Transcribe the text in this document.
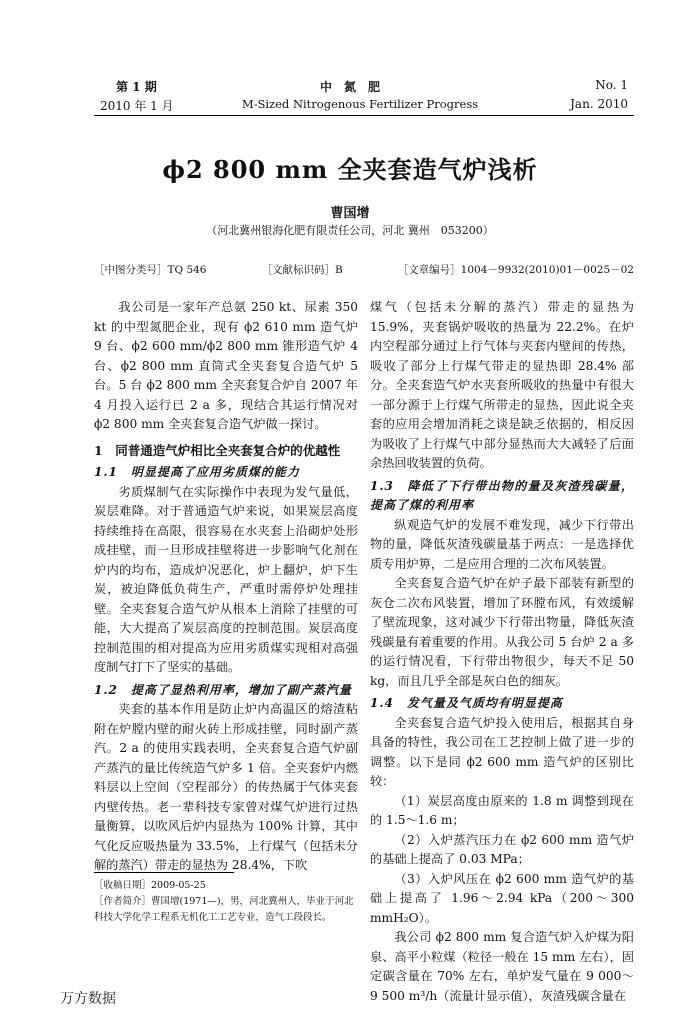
第 1 期	中　氮　肥	No. 1
2010 年 1 月	M-Sized Nitrogenous Fertilizer Progress	Jan. 2010
ϕ2 800 mm 全夹套造气炉浅析
曹国增
（河北冀州银海化肥有限责任公司，河北 冀州　053200）
［中图分类号］TQ 546	［文献标识码］B	［文章编号］1004－9932(2010)01－0025－02

我公司是一家年产总氨 250 kt、尿素 350 kt 的中型氮肥企业，现有 ϕ2 610 mm 造气炉 9 台、ϕ2 600 mm/ϕ2 800 mm 锥形造气炉 4 台、ϕ2 800 mm 直筒式全夹套复合造气炉 5 台。5 台 ϕ2 800 mm 全夹套复合炉自 2007 年 4 月投入运行已 2 a 多，现结合其运行情况对 ϕ2 800 mm 全夹套复合造气炉做一探讨。

1　同普通造气炉相比全夹套复合炉的优越性
1.1　明显提高了应用劣质煤的能力

劣质煤制气在实际操作中表现为发气量低，炭层难降。对于普通造气炉来说，如果炭层高度持续维持在高限，很容易在水夹套上沿砌炉处形成挂壁，而一旦形成挂壁将进一步影响气化剂在炉内的均布，造成炉况恶化，炉上翻炉，炉下生炭，被迫降低负荷生产，严重时需停炉处理挂壁。全夹套复合造气炉从根本上消除了挂壁的可能，大大提高了炭层高度的控制范围。炭层高度控制范围的相对提高为应用劣质煤实现相对高强度制气打下了坚实的基础。

1.2　提高了显热利用率，增加了副产蒸汽量

夹套的基本作用是防止炉内高温区的熔渣粘附在炉膛内壁的耐火砖上形成挂壁，同时副产蒸汽。2 a 的使用实践表明，全夹套复合造气炉副产蒸汽的量比传统造气炉多 1 倍。全夹套炉内燃料层以上空间（空程部分）的传热属于气体夹套内壁传热。老一辈科技专家曾对煤气炉进行过热量衡算，以吹风后炉内显热为 100% 计算，其中气化反应吸热量为 33.5%，上行煤气（包括未分解的蒸汽）带走的显热为 28.4%，下吹

煤气（包括未分解的蒸汽）带走的显热为 15.9%，夹套锅炉吸收的热量为 22.2%。在炉内空程部分通过上行气体与夹套内壁间的传热，吸收了部分上行煤气带走的显热即 28.4% 部分。全夹套造气炉水夹套所吸收的热量中有很大一部分源于上行煤气所带走的显热，因此说全夹套的应用会增加消耗之谈是缺乏依据的，相反因为吸收了上行煤气中部分显热而大大减轻了后面余热回收装置的负荷。

1.3　降低了下行带出物的量及灰渣残碳量，提高了煤的利用率

纵观造气炉的发展不难发现，减少下行带出物的量，降低灰渣残碳量基于两点：一是选择优质专用炉箅，二是应用合理的二次布风装置。

全夹套复合造气炉在炉子最下部装有新型的灰仓二次布风装置，增加了环膛布风，有效缓解了壁流现象，这对减少下行带出物量，降低灰渣残碳量有着重要的作用。从我公司 5 台炉 2 a 多的运行情况看，下行带出物很少，每天不足 50 kg，而且几乎全部是灰白色的细灰。

1.4　发气量及气质均有明显提高

全夹套复合造气炉投入使用后，根据其自身具备的特性，我公司在工艺控制上做了进一步的调整。以下是同 ϕ2 600 mm 造气炉的区别比较：

（1）炭层高度由原来的 1.8 m 调整到现在的 1.5～1.6 m；

（2）入炉蒸汽压力在 ϕ2 600 mm 造气炉的基础上提高了 0.03 MPa；

（3）入炉风压在 ϕ2 600 mm 造气炉的基础上提高了 1.96～2.94 kPa（200～300 mmH₂O）。

我公司 ϕ2 800 mm 复合造气炉入炉煤为阳泉、高平小粒煤（粒径一般在 15 mm 左右），固定碳含量在 70% 左右，单炉发气量在 9 000～9 500 m³/h（流量计显示值），灰渣残碳含量在

［收稿日期］2009-05-25
［作者简介］曹国增(1971—)，男，河北冀州人，毕业于河北科技大学化学工程系无机化工工艺专业，造气工段段长。
万方数据
